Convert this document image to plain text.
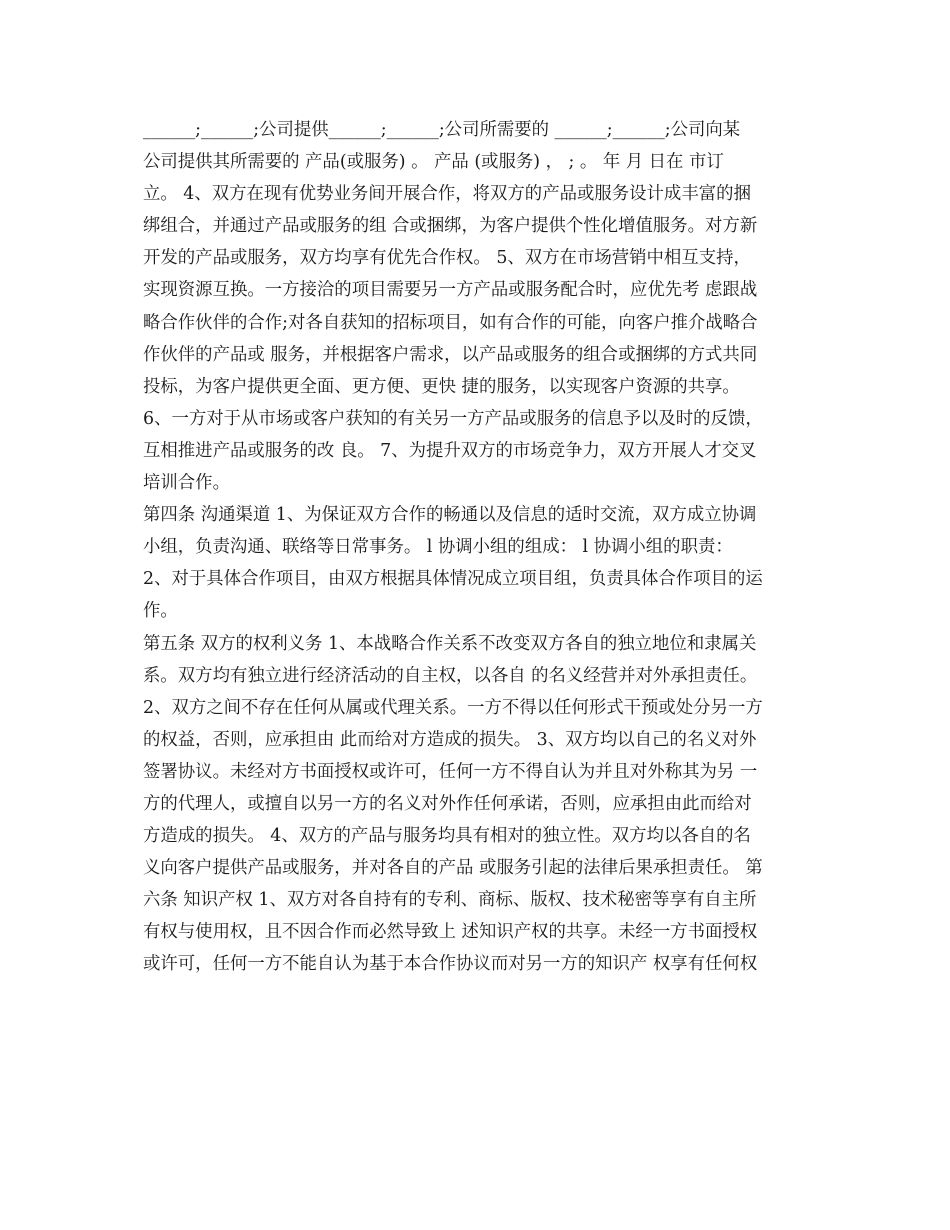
______;______;公司提供______;______;公司所需要的 ______;______;公司向某
公司提供其所需要的 产品(或服务) 。 产品 (或服务) ， ; 。 年 月 日在 市订
立。 4、双方在现有优势业务间开展合作，将双方的产品或服务设计成丰富的捆
绑组合，并通过产品或服务的组 合或捆绑，为客户提供个性化增值服务。对方新
开发的产品或服务，双方均享有优先合作权。 5、双方在市场营销中相互支持，
实现资源互换。一方接洽的项目需要另一方产品或服务配合时，应优先考 虑跟战
略合作伙伴的合作;对各自获知的招标项目，如有合作的可能，向客户推介战略合
作伙伴的产品或 服务，并根据客户需求，以产品或服务的组合或捆绑的方式共同
投标，为客户提供更全面、更方便、更快 捷的服务，以实现客户资源的共享。
6、一方对于从市场或客户获知的有关另一方产品或服务的信息予以及时的反馈，
互相推进产品或服务的改 良。 7、为提升双方的市场竞争力，双方开展人才交叉
培训合作。
第四条 沟通渠道 1、为保证双方合作的畅通以及信息的适时交流，双方成立协调
小组，负责沟通、联络等日常事务。 l 协调小组的组成： l 协调小组的职责：
2、对于具体合作项目，由双方根据具体情况成立项目组，负责具体合作项目的运
作。
第五条 双方的权利义务 1、本战略合作关系不改变双方各自的独立地位和隶属关
系。双方均有独立进行经济活动的自主权，以各自 的名义经营并对外承担责任。
2、双方之间不存在任何从属或代理关系。一方不得以任何形式干预或处分另一方
的权益，否则，应承担由 此而给对方造成的损失。 3、双方均以自己的名义对外
签署协议。未经对方书面授权或许可，任何一方不得自认为并且对外称其为另 一
方的代理人，或擅自以另一方的名义对外作任何承诺，否则，应承担由此而给对
方造成的损失。 4、双方的产品与服务均具有相对的独立性。双方均以各自的名
义向客户提供产品或服务，并对各自的产品 或服务引起的法律后果承担责任。 第
六条 知识产权 1、双方对各自持有的专利、商标、版权、技术秘密等享有自主所
有权与使用权，且不因合作而必然导致上 述知识产权的共享。未经一方书面授权
或许可，任何一方不能自认为基于本合作协议而对另一方的知识产 权享有任何权
